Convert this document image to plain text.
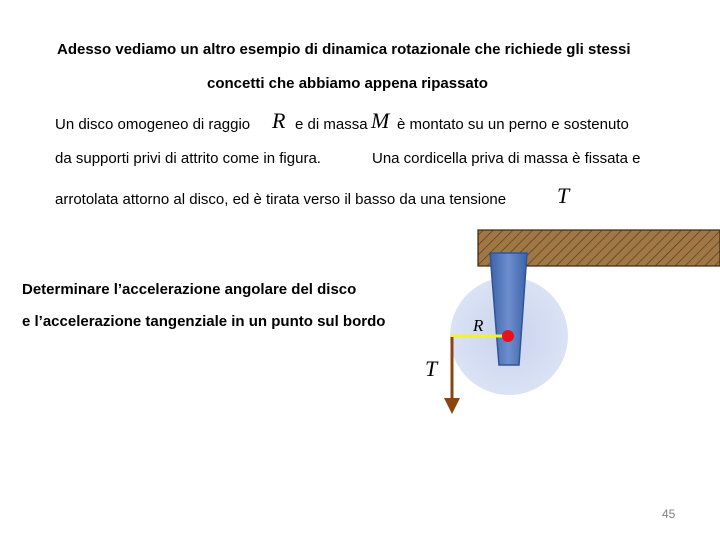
Adesso vediamo un altro esempio di dinamica rotazionale che richiede gli stessi
concetti che abbiamo appena ripassato
Un disco omogeneo di raggio R e di massa M è montato su un perno e sostenuto
da supporti privi di attrito come in figura.	Una cordicella priva di massa è fissata e
arrotolata attorno al disco, ed è tirata verso il basso da una tensione T
Determinare l’accelerazione angolare del disco
e l’accelerazione tangenziale in un punto sul bordo	R
T
45
